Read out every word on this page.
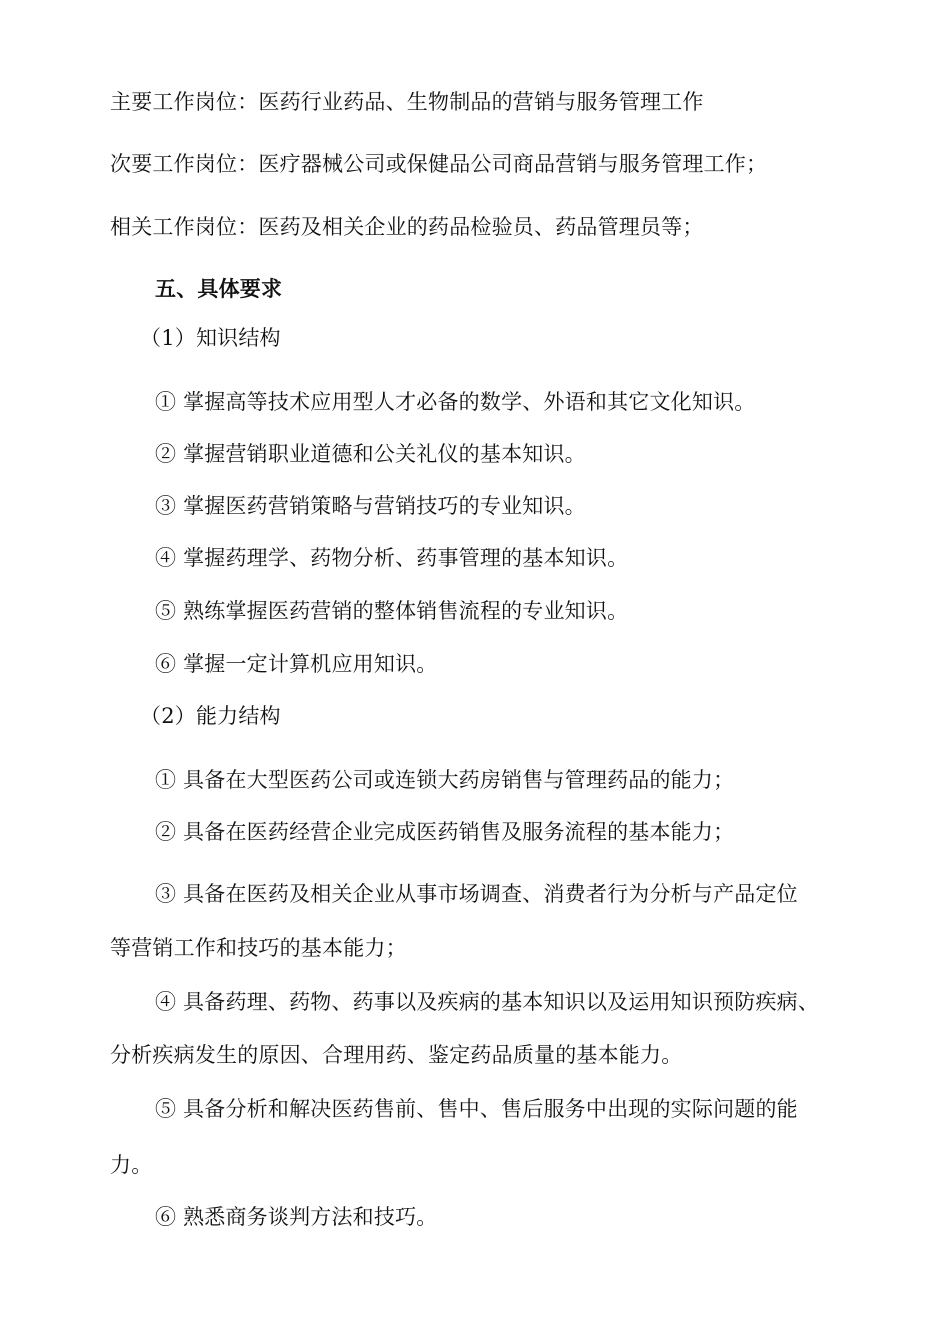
主要工作岗位：医药行业药品、生物制品的营销与服务管理工作

次要工作岗位：医疗器械公司或保健品公司商品营销与服务管理工作；

相关工作岗位：医药及相关企业的药品检验员、药品管理员等；

五、具体要求

（1）知识结构

① 掌握高等技术应用型人才必备的数学、外语和其它文化知识。

② 掌握营销职业道德和公关礼仪的基本知识。

③ 掌握医药营销策略与营销技巧的专业知识。

④ 掌握药理学、药物分析、药事管理的基本知识。

⑤ 熟练掌握医药营销的整体销售流程的专业知识。

⑥ 掌握一定计算机应用知识。

（2）能力结构

① 具备在大型医药公司或连锁大药房销售与管理药品的能力；

② 具备在医药经营企业完成医药销售及服务流程的基本能力；

③ 具备在医药及相关企业从事市场调查、消费者行为分析与产品定位

等营销工作和技巧的基本能力；

④ 具备药理、药物、药事以及疾病的基本知识以及运用知识预防疾病、

分析疾病发生的原因、合理用药、鉴定药品质量的基本能力。

⑤ 具备分析和解决医药售前、售中、售后服务中出现的实际问题的能

力。

⑥ 熟悉商务谈判方法和技巧。
